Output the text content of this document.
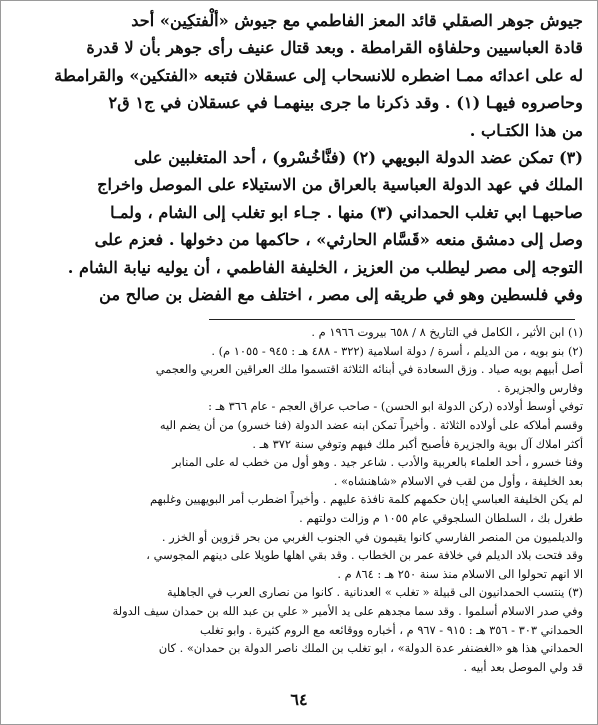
جيوش جوهر الصقلي قائد المعز الفاطمي مع جيوش «ألْفتكِين» أحد
قادة العباسيين وحلفاؤه القرامطة . وبعد قتال عنيف رأى جوهر بأن لا قدرة
له على اعدائه ممـا اضطره للانسحاب إلى عسقلان فتبعه «الفتكين» والقرامطة
وحاصروه فيهـا (١) . وقد ذكرنا ما جرى بينهمـا في عسقلان في ج١ ق٢
من هذا الكتـاب .
(٣) تمكن عضد الدولة البويهي (٢) (فنَّاخُسْرو) ، أحد المتغلبين على
الملك في عهد الدولة العباسية بالعراق من الاستيلاء على الموصل واخراج
صاحبهـا ابي تغلب الحمداني (٣) منها . جـاء ابو تغلب إلى الشام ، ولمـا
وصل إلى دمشق منعه «قَسَّام الحارثي» ، حاكمها من دخولها . فعزم على
التوجه إلى مصر ليطلب من العزيز ، الخليفة الفاطمي ، أن يوليه نيابة الشام .
وفي فلسطين وهو في طريقه إلى مصر ، اختلف مع الفضل بن صالح من
(١) ابن الأثير ، الكامل في التاريخ ٨ / ٦٥٨ بيروت ١٩٦٦ م .
(٢) بنو بويه ، من الديلم ، أسرة / دولة اسلامية (٣٢٢ - ٤٨٨ هـ : ٩٤٥ - ١٠٥٥ م) .
أصل أبيهم بويه صياد . وزق السعادة في أبنائه الثلاثة اقتسموا ملك العراقين العربي والعجمي
وفارس والجزيرة .
توفي أوسط أولاده (ركن الدولة ابو الحسن) - صاحب عراق العجم - عام ٣٦٦ هـ :
وقسم أملاكه على أولاده الثلاثة . وأخيراً تمكن ابنه عضد الدولة (فنا خسرو) من أن يضم اليه
أكثر املاك آل بوية والجزيرة فأصبح أكبر ملك فيهم وتوفي سنة ٣٧٢ هـ .
وفنا خسرو ، أحد العلماء بالعربية والأدب . شاعر جيد . وهو أول من خطب له على المنابر
بعد الخليفة ، وأول من لقب في الاسلام «شاهنشاه» .
لم يكن الخليفة العباسي إبان حكمهم كلمة نافذة عليهم . وأخيراً اضطرب أمر البويهيين وغلبهم
طغرل بك ، السلطان السلجوقي عام ١٠٥٥ م وزالت دولتهم .
والديلميون من المنصر الفارسي كانوا يقيمون في الجنوب الغربي من بحر قزوين أو الخزر .
وقد فتحت بلاد الديلم في خلافة عمر بن الخطاب . وقد بقي اهلها طويلا على دينهم المجوسي ،
الا انهم تحولوا الى الاسلام منذ سنة ٢٥٠ هـ : ٨٦٤ م .
(٣) ينتسب الحمدانيون الى قبيلة « تغلب » العدنانية . كانوا من نصارى العرب في الجاهلية
وفي صدر الاسلام أسلموا . وقد سما مجدهم على يد الأمير « علي بن عبد الله بن حمدان سيف الدولة
الحمداني ٣٠٣ - ٣٥٦ هـ : ٩١٥ - ٩٦٧ م ، أخباره ووقائعه مع الروم كثيرة . وابو تغلب
الحمداني هذا هو «الغضنفر عدة الدولة» ، ابو تغلب بن الملك ناصر الدولة بن حمدان» . كان
قد ولي الموصل بعد أبيه .
٦٤
